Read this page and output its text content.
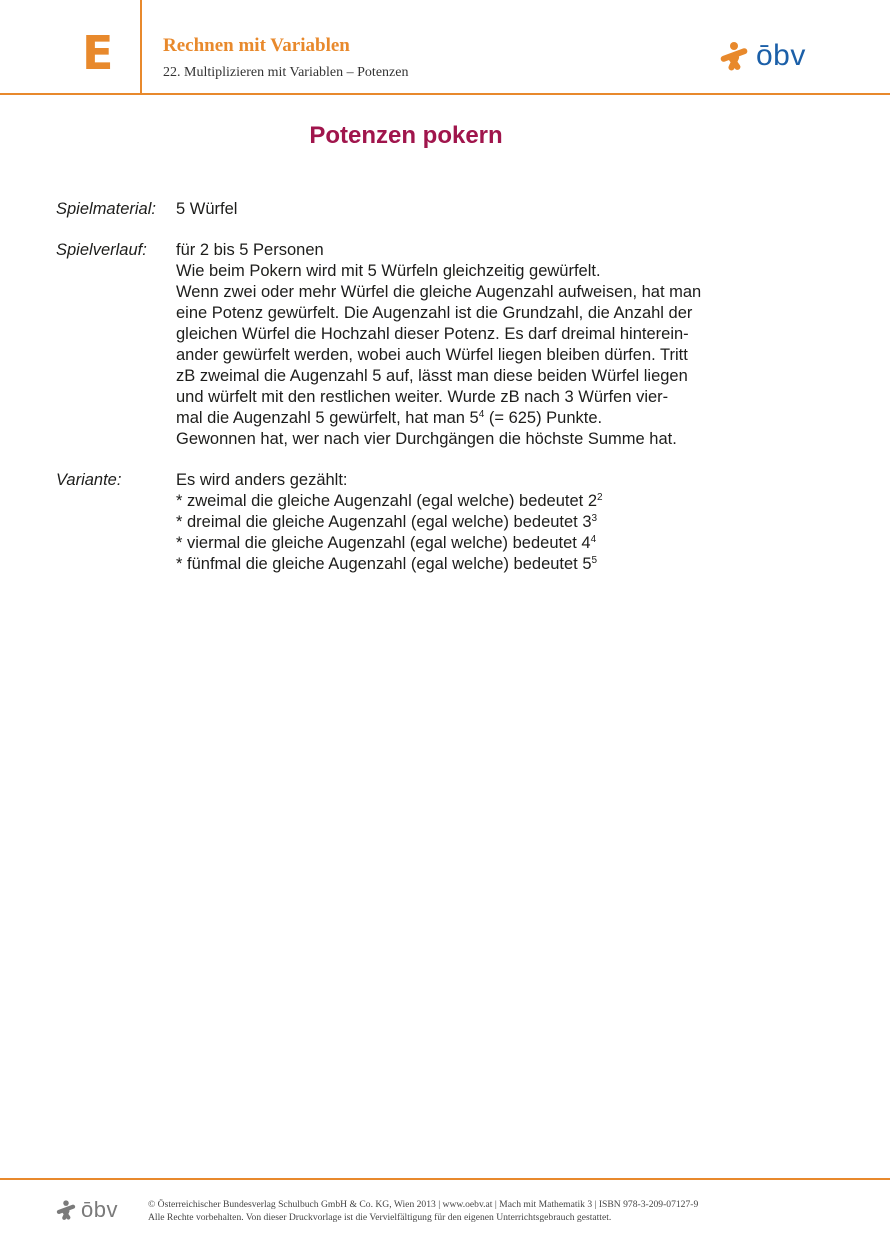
E	Rechnen mit Variablen
22. Multiplizieren mit Variablen – Potenzen
ōbv
Potenzen pokern
Spielmaterial: 5 Würfel
Spielverlauf: für 2 bis 5 Personen
Wie beim Pokern wird mit 5 Würfeln gleichzeitig gewürfelt.
Wenn zwei oder mehr Würfel die gleiche Augenzahl aufweisen, hat man
eine Potenz gewürfelt. Die Augenzahl ist die Grundzahl, die Anzahl der
gleichen Würfel die Hochzahl dieser Potenz. Es darf dreimal hinterein-
ander gewürfelt werden, wobei auch Würfel liegen bleiben dürfen. Tritt
zB zweimal die Augenzahl 5 auf, lässt man diese beiden Würfel liegen
und würfelt mit den restlichen weiter. Wurde zB nach 3 Würfen vier-
mal die Augenzahl 5 gewürfelt, hat man $5^4$ (= 625) Punkte.
Gewonnen hat, wer nach vier Durchgängen die höchste Summe hat.
Variante:	Es wird anders gezählt:
* zweimal die gleiche Augenzahl (egal welche) bedeutet $2^2$
* dreimal die gleiche Augenzahl (egal welche) bedeutet $3^3$
* viermal die gleiche Augenzahl (egal welche) bedeutet $4^4$
* fünfmal die gleiche Augenzahl (egal welche) bedeutet $5^5$
ōbv	© Österreichischer Bundesverlag Schulbuch GmbH & Co. KG, Wien 2013 | www.oebv.at | Mach mit Mathematik 3 | ISBN 978-3-209-07127-9
Alle Rechte vorbehalten. Von dieser Druckvorlage ist die Vervielfältigung für den eigenen Unterrichtsgebrauch gestattet.
